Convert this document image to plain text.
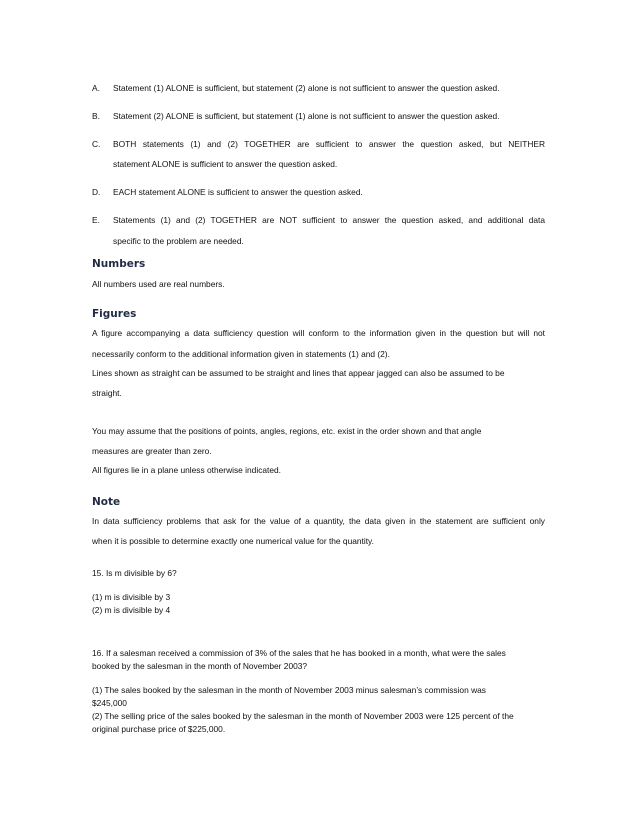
A. Statement (1) ALONE is sufficient, but statement (2) alone is not sufficient to answer the question asked.
B. Statement (2) ALONE is sufficient, but statement (1) alone is not sufficient to answer the question asked.
C. BOTH statements (1) and (2) TOGETHER are sufficient to answer the question asked, but NEITHER
statement ALONE is sufficient to answer the question asked.
D. EACH statement ALONE is sufficient to answer the question asked.
E. Statements (1) and (2) TOGETHER are NOT sufficient to answer the question asked, and additional data
specific to the problem are needed.
Numbers
All numbers used are real numbers.
Figures
A figure accompanying a data sufficiency question will conform to the information given in the question but will not
necessarily conform to the additional information given in statements (1) and (2).
Lines shown as straight can be assumed to be straight and lines that appear jagged can also be assumed to be
straight.
You may assume that the positions of points, angles, regions, etc. exist in the order shown and that angle
measures are greater than zero.
All figures lie in a plane unless otherwise indicated.
Note
In data sufficiency problems that ask for the value of a quantity, the data given in the statement are sufficient only
when it is possible to determine exactly one numerical value for the quantity.
15. Is m divisible by 6?
(1) m is divisible by 3
(2) m is divisible by 4
16. If a salesman received a commission of 3% of the sales that he has booked in a month, what were the sales
booked by the salesman in the month of November 2003?
(1) The sales booked by the salesman in the month of November 2003 minus salesman’s commission was
$245,000
(2) The selling price of the sales booked by the salesman in the month of November 2003 were 125 percent of the
original purchase price of $225,000.
